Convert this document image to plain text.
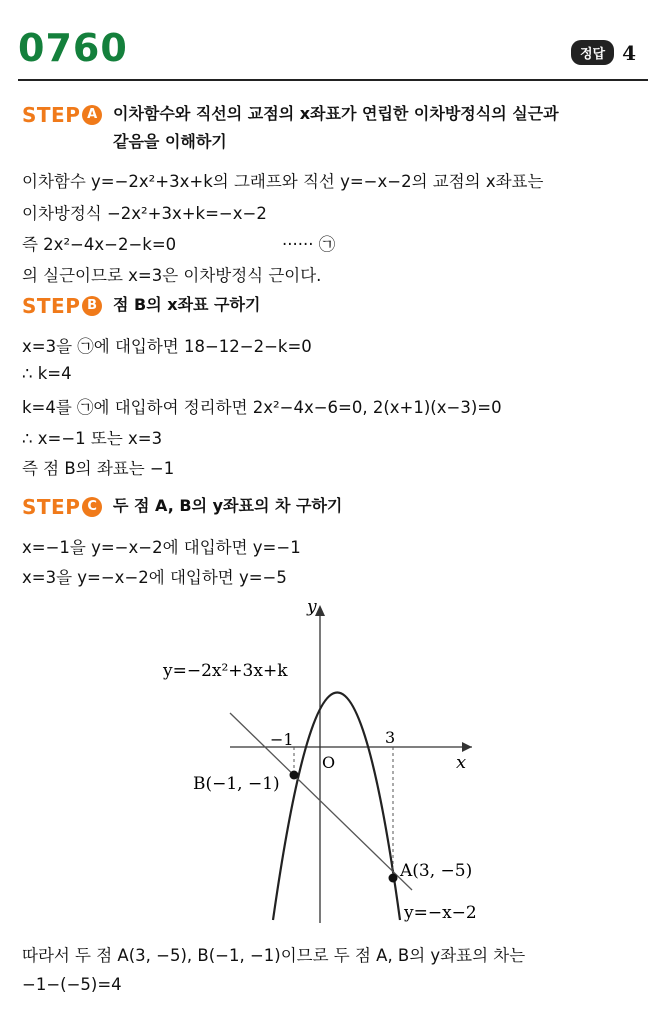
0760	정답 4
STEP A 이차함수와 직선의 교점의 x좌표가 연립한 이차방정식의 실근과
같음을 이해하기
이차함수 y=−2x²+3x+k의 그래프와 직선 y=−x−2의 교점의 x좌표는
이차방정식 −2x²+3x+k=−x−2
즉 2x²−4x−2−k=0	······ ㉠
의 실근이므로 x=3은 이차방정식 근이다.
STEP B 점 B의 x좌표 구하기
x=3을 ㉠에 대입하면 18−12−2−k=0
∴ k=4
k=4를 ㉠에 대입하여 정리하면 2x²−4x−6=0, 2(x+1)(x−3)=0
∴ x=−1 또는 x=3
즉 점 B의 좌표는 −1
STEP C 두 점 A, B의 y좌표의 차 구하기
x=−1을 y=−x−2에 대입하면 y=−1
x=3을 y=−x−2에 대입하면 y=−5
y
x
O
y=−2x²+3x+k
−1	3
B(−1, −1)
A(3, −5)
y=−x−2
따라서 두 점 A(3, −5), B(−1, −1)이므로 두 점 A, B의 y좌표의 차는
−1−(−5)=4
